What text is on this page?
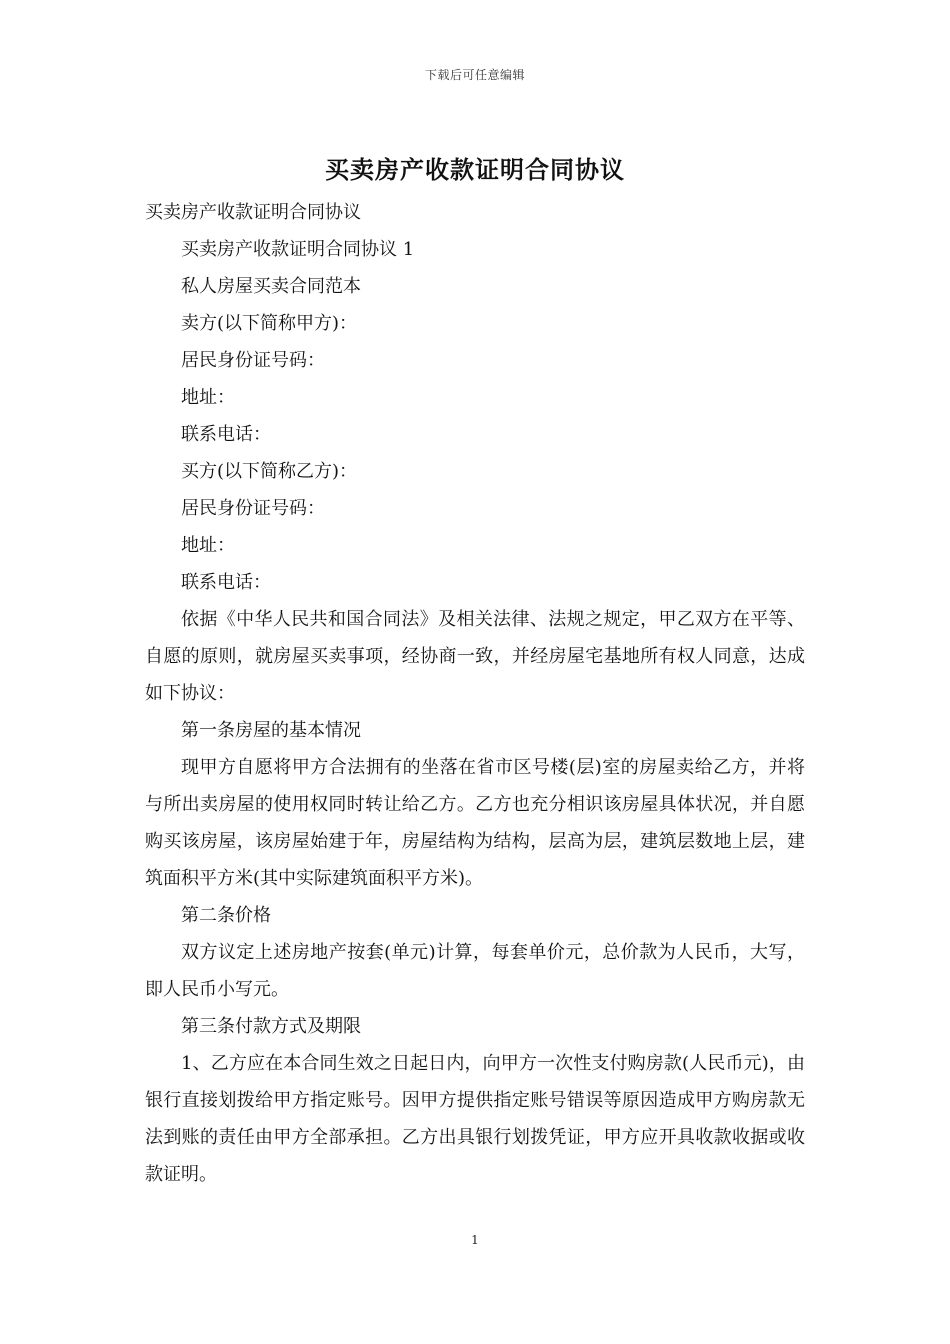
下载后可任意编辑
买卖房产收款证明合同协议

买卖房产收款证明合同协议

买卖房产收款证明合同协议 1

私人房屋买卖合同范本

卖方(以下简称甲方)：

居民身份证号码：

地址：

联系电话：

买方(以下简称乙方)：

居民身份证号码：

地址：

联系电话：

依据《中华人民共和国合同法》及相关法律、法规之规定，甲乙双方在平等、自愿的原则，就房屋买卖事项，经协商一致，并经房屋宅基地所有权人同意，达成如下协议：

第一条房屋的基本情况

现甲方自愿将甲方合法拥有的坐落在省市区号楼(层)室的房屋卖给乙方，并将与所出卖房屋的使用权同时转让给乙方。乙方也充分相识该房屋具体状况，并自愿购买该房屋，该房屋始建于年，房屋结构为结构，层高为层，建筑层数地上层，建筑面积平方米(其中实际建筑面积平方米)。

第二条价格

双方议定上述房地产按套(单元)计算，每套单价元，总价款为人民币，大写，即人民币小写元。

第三条付款方式及期限

1、乙方应在本合同生效之日起日内，向甲方一次性支付购房款(人民币元)，由银行直接划拨给甲方指定账号。因甲方提供指定账号错误等原因造成甲方购房款无法到账的责任由甲方全部承担。乙方出具银行划拨凭证，甲方应开具收款收据或收款证明。

1
